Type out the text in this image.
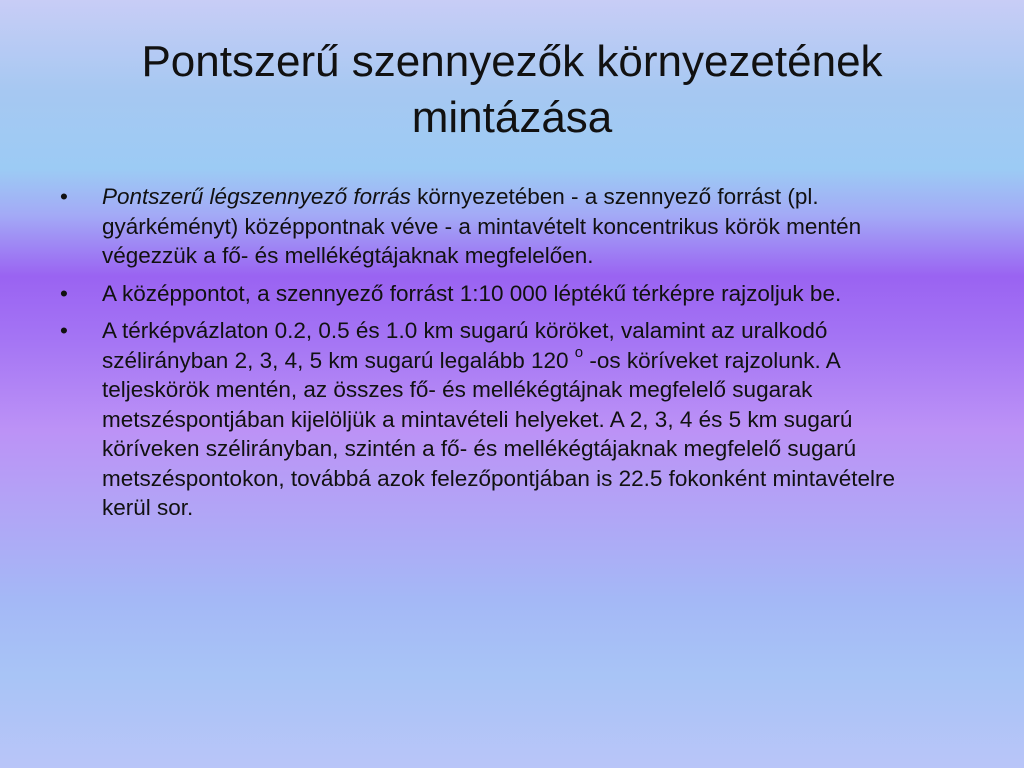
Pontszerű szennyezők környezetének mintázása
•	Pontszerű légszennyező forrás környezetében - a szennyező forrást (pl. gyárkéményt) középpontnak véve - a mintavételt koncentrikus körök mentén végezzük a fő- és mellékégtájaknak megfelelően.
•	A középpontot, a szennyező forrást 1:10 000 léptékű térképre rajzoljuk be.
•	A térképvázlaton 0.2, 0.5 és 1.0 km sugarú köröket, valamint az uralkodó szélirányban 2, 3, 4, 5 km sugarú legalább 120 $^o$ -os köríveket rajzolunk. A teljeskörök mentén, az összes fő- és mellékégtájnak megfelelő sugarak metszéspontjában kijelöljük a mintavételi helyeket. A 2, 3, 4 és 5 km sugarú köríveken szélirányban, szintén a fő- és mellékégtájaknak megfelelő sugarú metszéspontokon, továbbá azok felezőpontjában is 22.5 fokonként mintavételre kerül sor.
